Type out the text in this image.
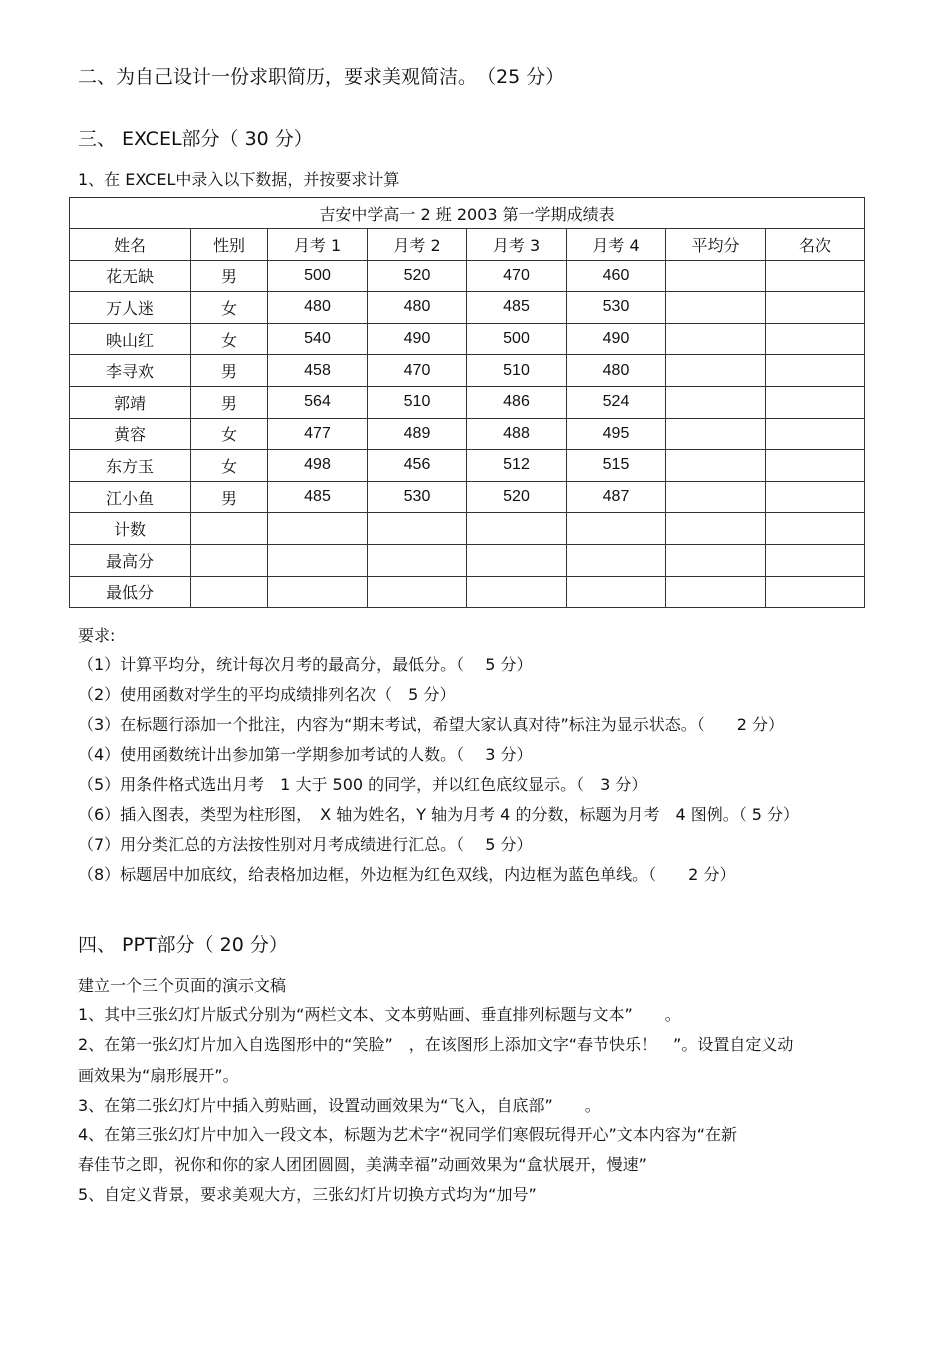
二、为自己设计一份求职简历，要求美观简洁。　（25 分）
三、 EXCEL部分（ 30 分）
1、在 EXCEL中录入以下数据，并按要求计算
吉安中学高一 2 班 2003 第一学期成绩表							
姓名	性别	月考 1	月考 2	月考 3	月考 4	平均分	名次
花无缺	男	500	520	470	460		
万人迷	女	480	480	485	530		
映山红	女	540	490	500	490		
李寻欢	男	458	470	510	480		
郭靖	男	564	510	486	524		
黄容	女	477	489	488	495		
东方玉	女	498	456	512	515		
江小鱼	男	485	530	520	487		
计数							
最高分							
最低分							
要求:
（1）计算平均分，统计每次月考的最高分，最低分。（　 5 分）
（2）使用函数对学生的平均成绩排列名次（　5 分）
（3）在标题行添加一个批注，内容为“期末考试，希望大家认真对待”标注为显示状态。（　　2 分）
（4）使用函数统计出参加第一学期参加考试的人数。（　 3 分）
（5）用条件格式选出月考　1 大于 500 的同学，并以红色底纹显示。（　3 分）
（6）插入图表，类型为柱形图，　X 轴为姓名，Y 轴为月考 4 的分数，标题为月考　4 图例。（ 5 分）
（7）用分类汇总的方法按性别对月考成绩进行汇总。（　 5 分）
（8）标题居中加底纹，给表格加边框，外边框为红色双线，内边框为蓝色单线。（　　2 分）
四、 PPT部分（ 20 分）
建立一个三个页面的演示文稿
1、其中三张幻灯片版式分别为“两栏文本、文本剪贴画、垂直排列标题与文本”　　。
2、在第一张幻灯片加入自选图形中的“笑脸”　，在该图形上添加文字“春节快乐！　”。设置自定义动
画效果为“扇形展开”。
3、在第二张幻灯片中插入剪贴画，设置动画效果为“飞入，自底部”　　。
4、在第三张幻灯片中加入一段文本，标题为艺术字“祝同学们寒假玩得开心”文本内容为“在新
春佳节之即，祝你和你的家人团团圆圆，美满幸福”动画效果为“盒状展开，慢速”
5、自定义背景，要求美观大方，三张幻灯片切换方式均为“加号”
